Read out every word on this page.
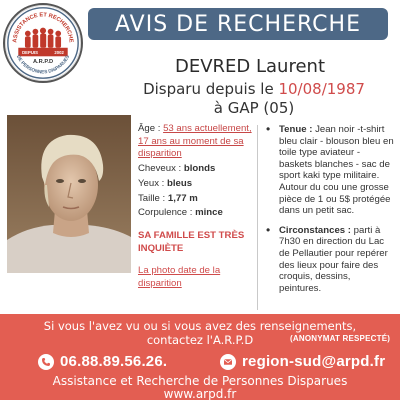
ASSISTANCE ET RECHERCHE
DEPUIS	2002
A.R.P.D
DE PERSONNES DISPARUES
AVIS DE RECHERCHE
DEVRED Laurent
Disparu depuis le 10/08/1987
à GAP (05)

Âge : 53 ans actuellement, 17 ans au moment de sa disparition

Cheveux : blonds

Yeux : bleus

Taille : 1,77 m

Corpulence : mince

SA FAMILLE EST TRÈS INQUIÈTE

La photo date de la disparition

• Tenue : Jean noir -t-shirt bleu clair - blouson bleu en toile type aviateur - baskets blanches - sac de sport kaki type militaire. Autour du cou une grosse pièce de 1 ou 5$ protégée dans un petit sac.
• Circonstances : parti à 7h30 en direction du Lac de Pellautier pour repérer des lieux pour faire des croquis, dessins, peintures.
Si vous l'avez vu ou si vous avez des renseignements,
contactez l'A.R.P.D	(ANONYMAT RESPECTÉ)
06.88.89.56.26.	region-sud@arpd.fr
Assistance et Recherche de Personnes Disparues
www.arpd.fr
